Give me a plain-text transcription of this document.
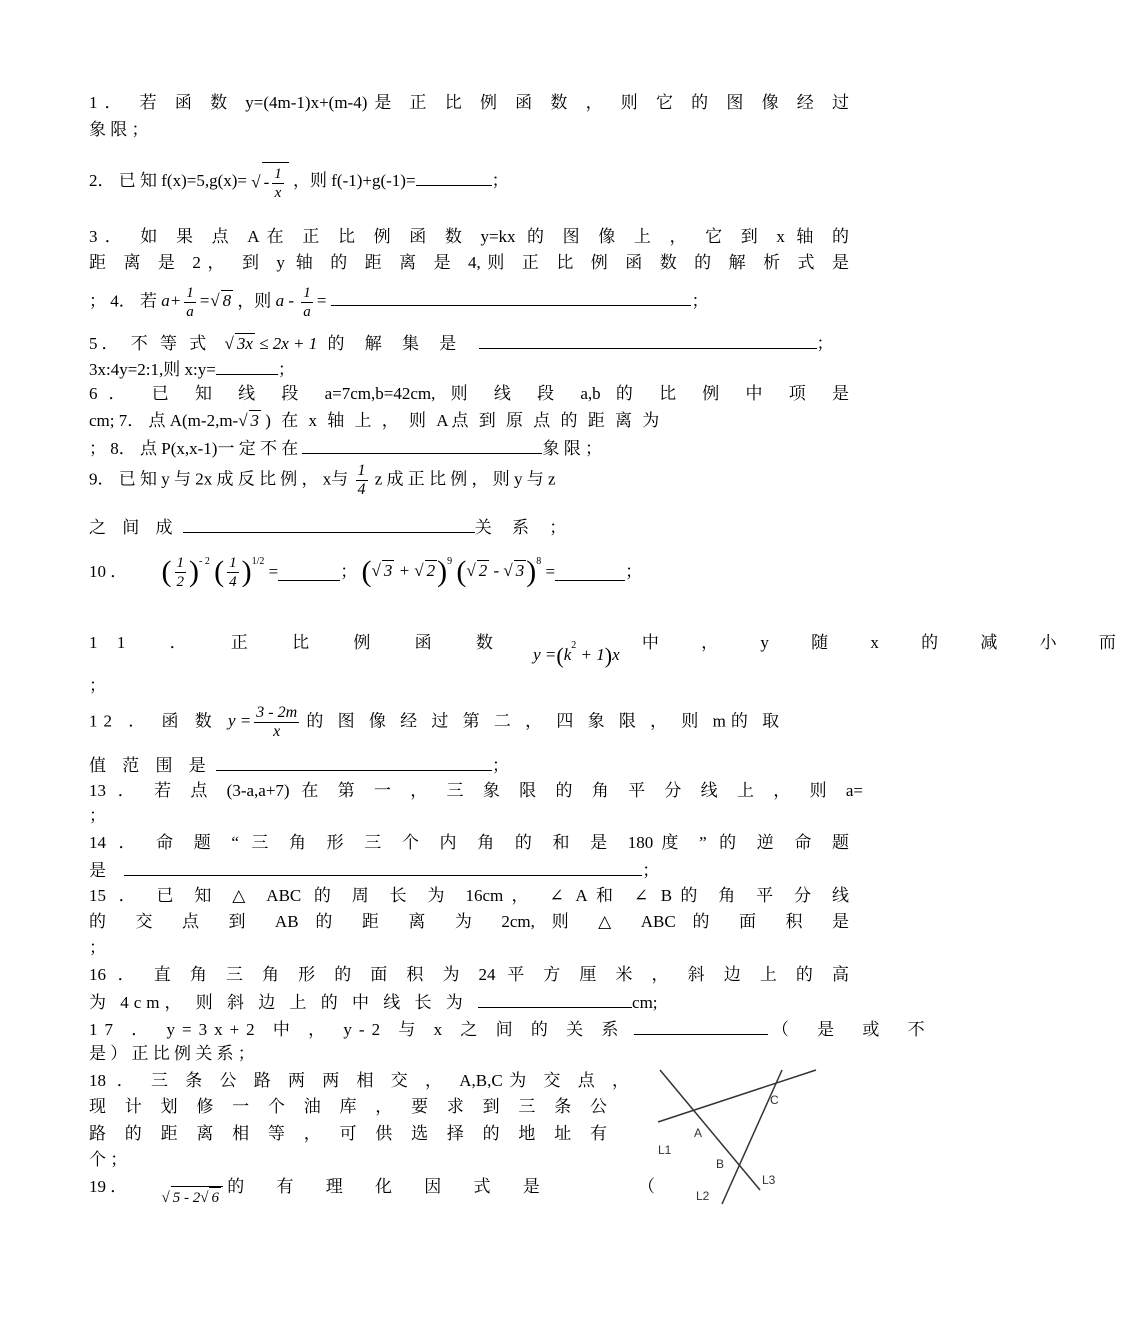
1． 若 函 数 y=(4m-1)x+(m-4)是 正 比 例 函 数 ， 则 它 的 图 像 经 过
象 限 ；
2． 已 知 f(x)=5,g(x)= √ - $\frac{1}{x}$ ，则 f(-1)+g(-1)=	；
3． 如 果 点 A在 正 比 例 函 数 y=kx 的 图 像 上 ， 它 到 x 轴 的
距 离 是 2， 到 y 轴 的 距 离 是 4,则 正 比 例 函 数 的 解 析 式 是
； 4． 若 $a+ \frac{1}{a}$ =√ 8 ，则 a - $\frac{1}{a}$ =	；
5． 不 等 式 √ 3x ≤ 2x + 1 的 解 集 是	；
3x:4y=2:1,则 x:y=	；
6． 已 知 线 段 a=7cm,b=42cm, 则 线 段 a,b 的 比 例 中 项 是
cm; 7． 点 A(m-2,m-√ 3 ) 在 x 轴 上 ， 则 A点 到 原 点 的 距 离 为
； 8． 点 P(x,x-1)一 定 不 在	象 限 ；
9． 已 知 y 与 2x 成 反 比 例 ， x与 $\frac{1}{4}$ z 成 正 比 例 ， 则 y 与 z
之 间 成	关 系 ；
10 ． ( $\frac{1}{2} )^{- 2}$ ( $\frac{1}{4} )^{1/2}$ =	； (√ 3 + √ 2)$^9$ (√ 2 - √ 3)$^8$ =	；
11 ． 正 比 例 函 数 $y =(k^2 + 1)x$ 中 ， y 随 x 的 减 小 而
；
12 ． 函 数 $y = \frac{3 - 2m}{x}$ 的 图 像 经 过 第 二 ， 四 象 限 ， 则 m的 取
值 范 围 是	；
13 ． 若 点 (3-a,a+7) 在 第 一 ， 三 象 限 的 角 平 分 线 上 ， 则 a=
；
14 ． 命 题 “ 三 角 形 三 个 内 角 的 和 是 180度 ” 的 逆 命 题
是	；
15 ． 已 知 △ ABC 的 周 长 为 16cm， ∠ A和 ∠ B的 角 平 分 线
的 交 点 到 AB 的 距 离 为 2cm, 则 △ ABC 的 面 积 是
；
16 ． 直 角 三 角 形 的 面 积 为 24 平 方 厘 米 ， 斜 边 上 的 高
为 4cm， 则 斜 边 上 的 中 线 长 为	cm;
17 ． y=3x+2 中 ， y-2 与 x 之 间 的 关 系	（ 是 或 不
是 ） 正 比 例 关 系 ；
18 ． 三 条 公 路 两 两 相 交 ， A,B,C为 交 点 ，
现 计 划 修 一 个 油 库 ， 要 求 到 三 条 公
路 的 距 离 相 等 ， 可 供 选 择 的 地 址 有
个 ；
19 ． √ 5 - 2√ 6 的 有 理 化 因 式 是	（
A
B
C
L1
L2
L3
